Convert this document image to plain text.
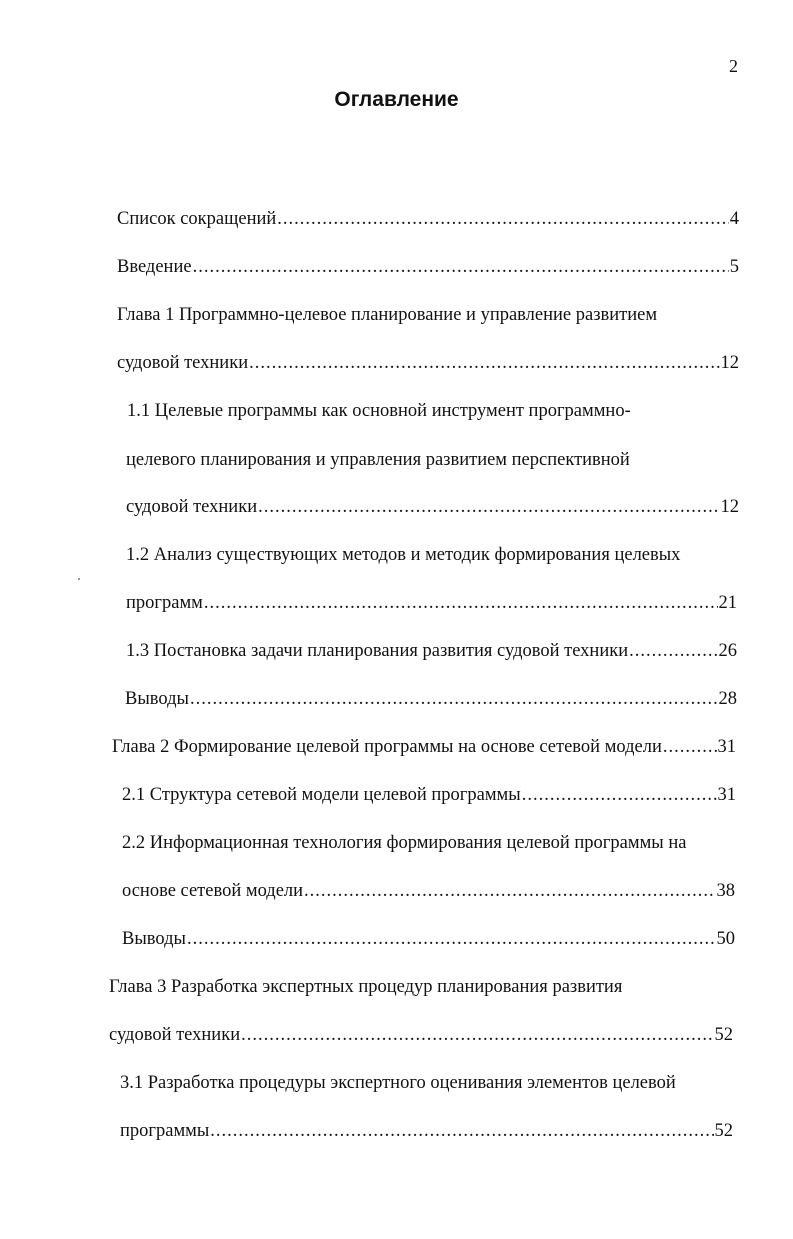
2
Оглавление
Список сокращений .....	4
Введение .....	5
Глава 1 Программно-целевое планирование и управление развитием
судовой техники .....	12
1.1 Целевые программы как основной инструмент программно-
целевого планирования и управления развитием перспективной
судовой техники .....	12
1.2 Анализ существующих методов и методик формирования целевых
программ .....	21
1.3 Постановка задачи планирования развития судовой техники .....	26
Выводы .....	28
Глава 2 Формирование целевой программы на основе сетевой модели .....	31
2.1 Структура сетевой модели целевой программы .....	31
2.2 Информационная технология формирования целевой программы на
основе сетевой модели .....	38
Выводы .....	50
Глава 3 Разработка экспертных процедур планирования развития
судовой техники .....	52
3.1 Разработка процедуры экспертного оценивания элементов целевой
программы .....	52
